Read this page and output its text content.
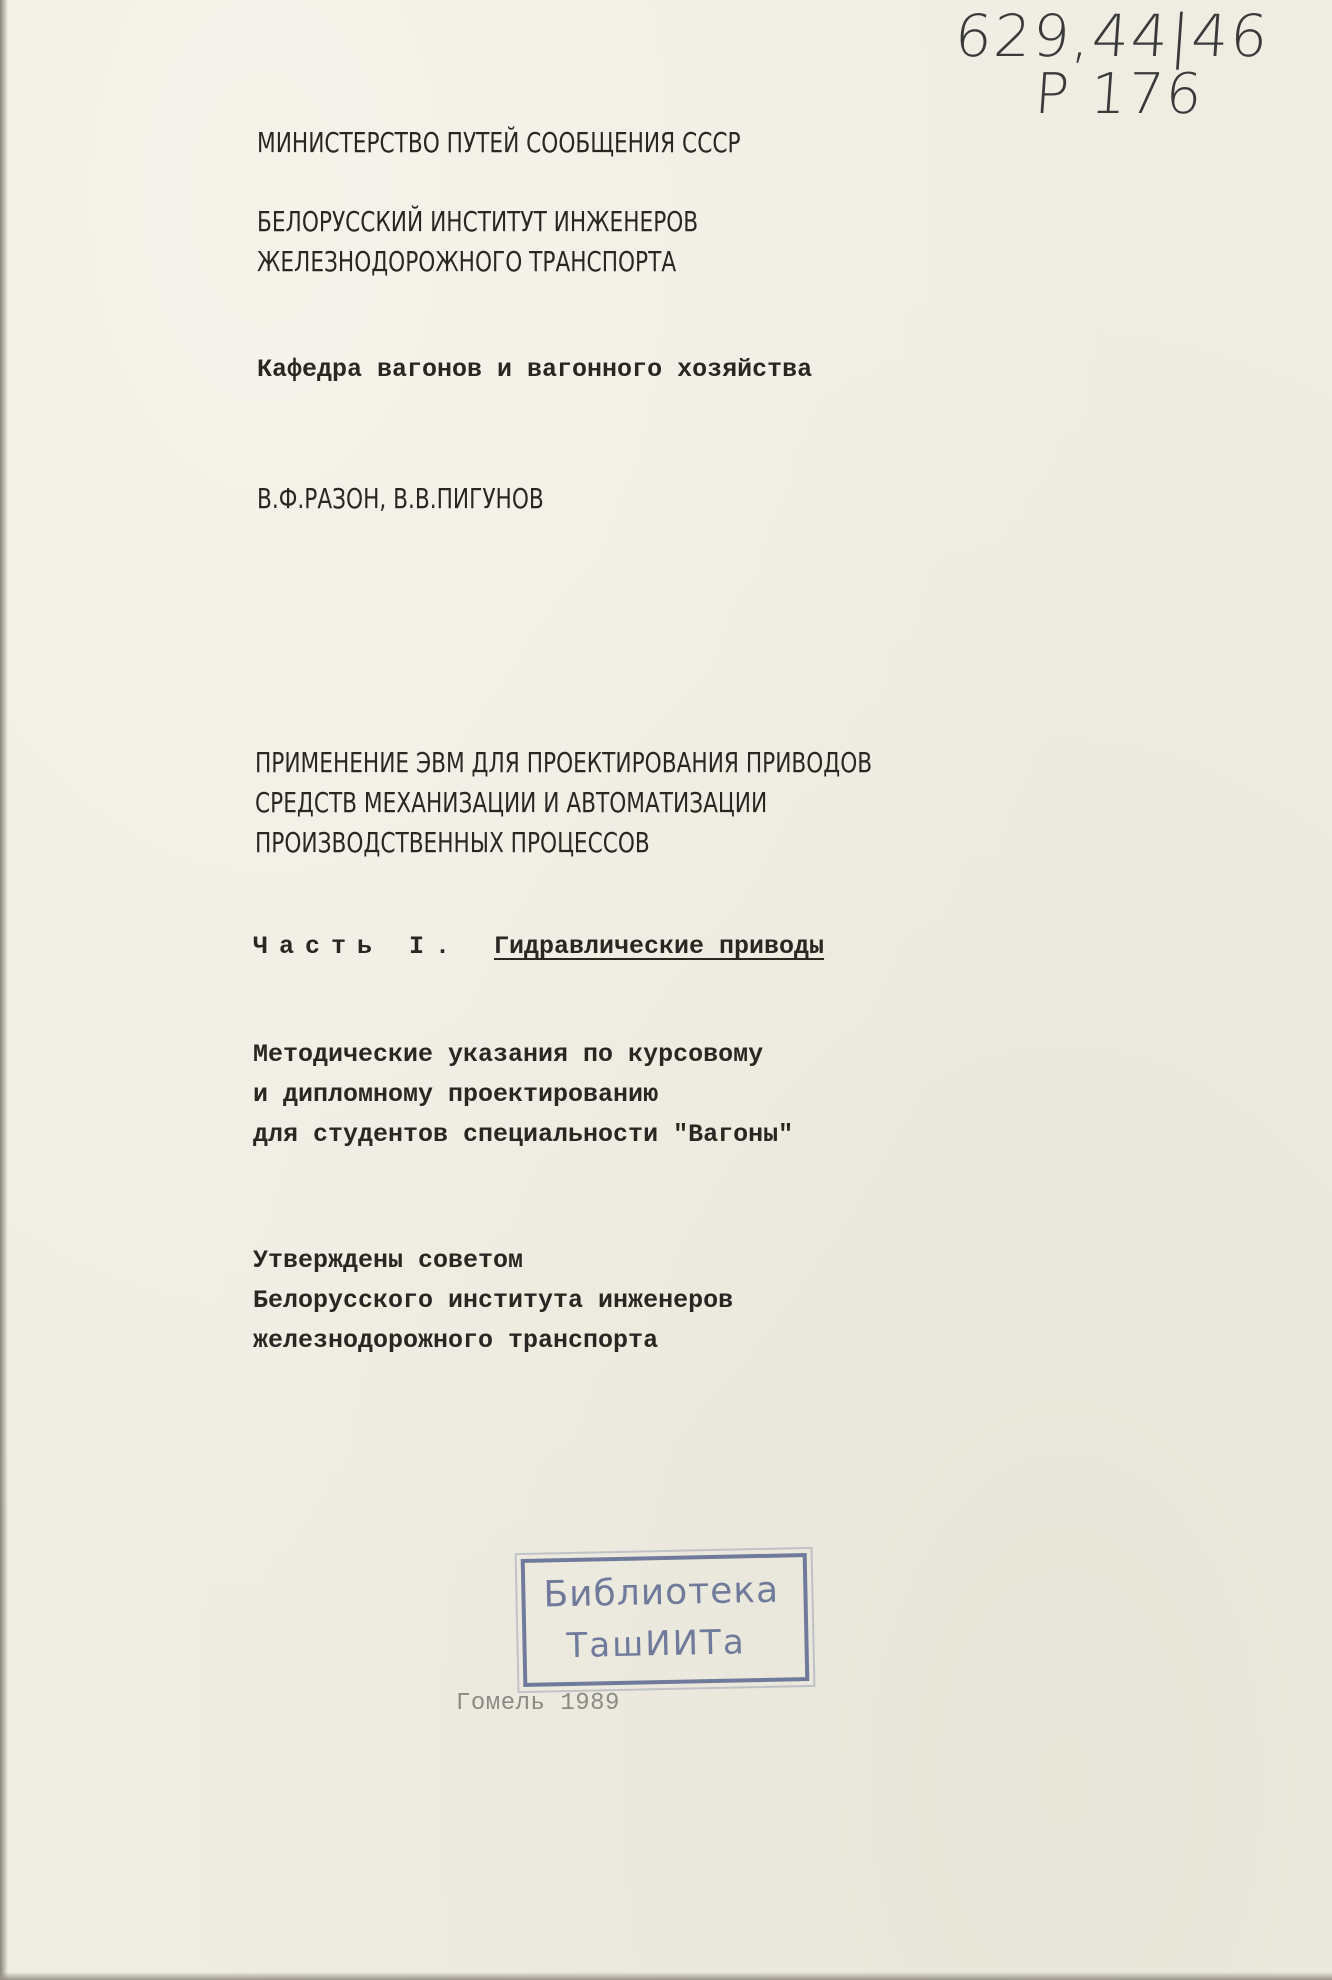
629,44|46
Р 176
МИНИСТЕРСТВО ПУТЕЙ СООБЩЕНИЯ СССР
БЕЛОРУССКИЙ ИНСТИТУТ ИНЖЕНЕРОВ
ЖЕЛЕЗНОДОРОЖНОГО ТРАНСПОРТА
Кафедра вагонов и вагонного хозяйства
В.Ф.РАЗОН, В.В.ПИГУНОВ
ПРИМЕНЕНИЕ ЭВМ ДЛЯ ПРОЕКТИРОВАНИЯ ПРИВОДОВ
СРЕДСТВ МЕХАНИЗАЦИИ И АВТОМАТИЗАЦИИ
ПРОИЗВОДСТВЕННЫХ ПРОЦЕССОВ
Часть I. Гидравлические приводы
Методические указания по курсовому
и дипломному проектированию
для студентов специальности "Вагоны"
Утверждены советом
Белорусского института инженеров
железнодорожного транспорта
Библиотека
ТашИИТа
Гомель 1989
